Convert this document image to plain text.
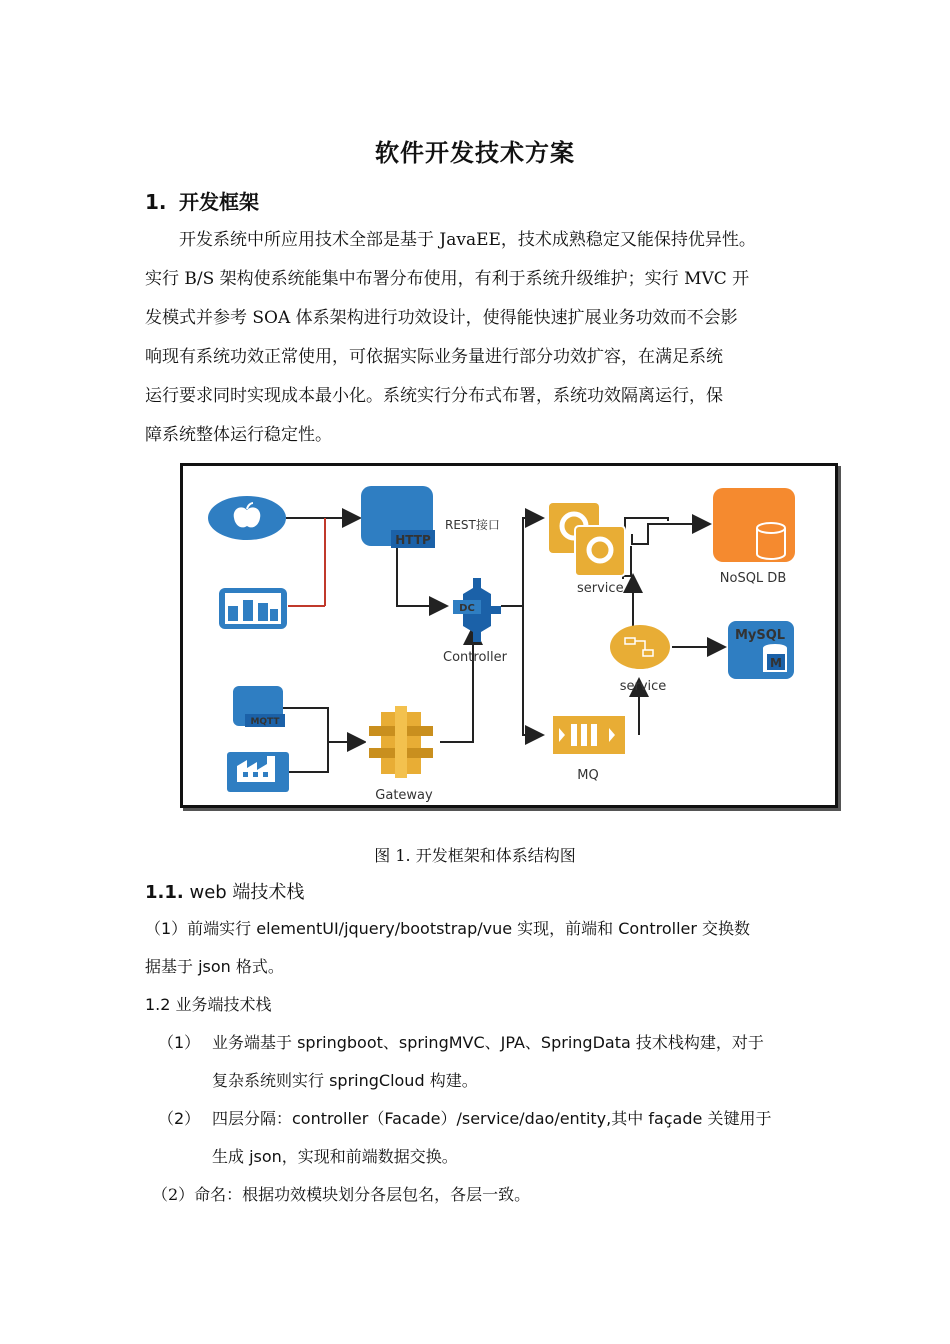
软件开发技术方案
1. 开发框架
　　开发系统中所应用技术全部是基于 JavaEE，技术成熟稳定又能保持优异性。
实行 B/S 架构使系统能集中布署分布使用，有利于系统升级维护；实行 MVC 开
发模式并参考 SOA 体系架构进行功效设计，使得能快速扩展业务功效而不会影
响现有系统功效正常使用，可依据实际业务量进行部分功效扩容，在满足系统
运行要求同时实现成本最小化。系统实行分布式布署，系统功效隔离运行，保
障系统整体运行稳定性。
HTTP
REST接口
DC
Controller
service
NoSQL DB
service
MySQL
M
MQ
MQTT
Gateway
图 1. 开发框架和体系结构图
1.1. web 端技术栈
（1）前端实行 elementUI/jquery/bootstrap/vue 实现，前端和 Controller 交换数
据基于 json 格式。
1.2 业务端技术栈
（1） 业务端基于 springboot、springMVC、JPA、SpringData 技术栈构建，对于
复杂系统则实行 springCloud 构建。
（2） 四层分隔：controller（Facade）/service/dao/entity,其中 façade 关键用于
生成 json，实现和前端数据交换。
（2）命名：根据功效模块划分各层包名，各层一致。
